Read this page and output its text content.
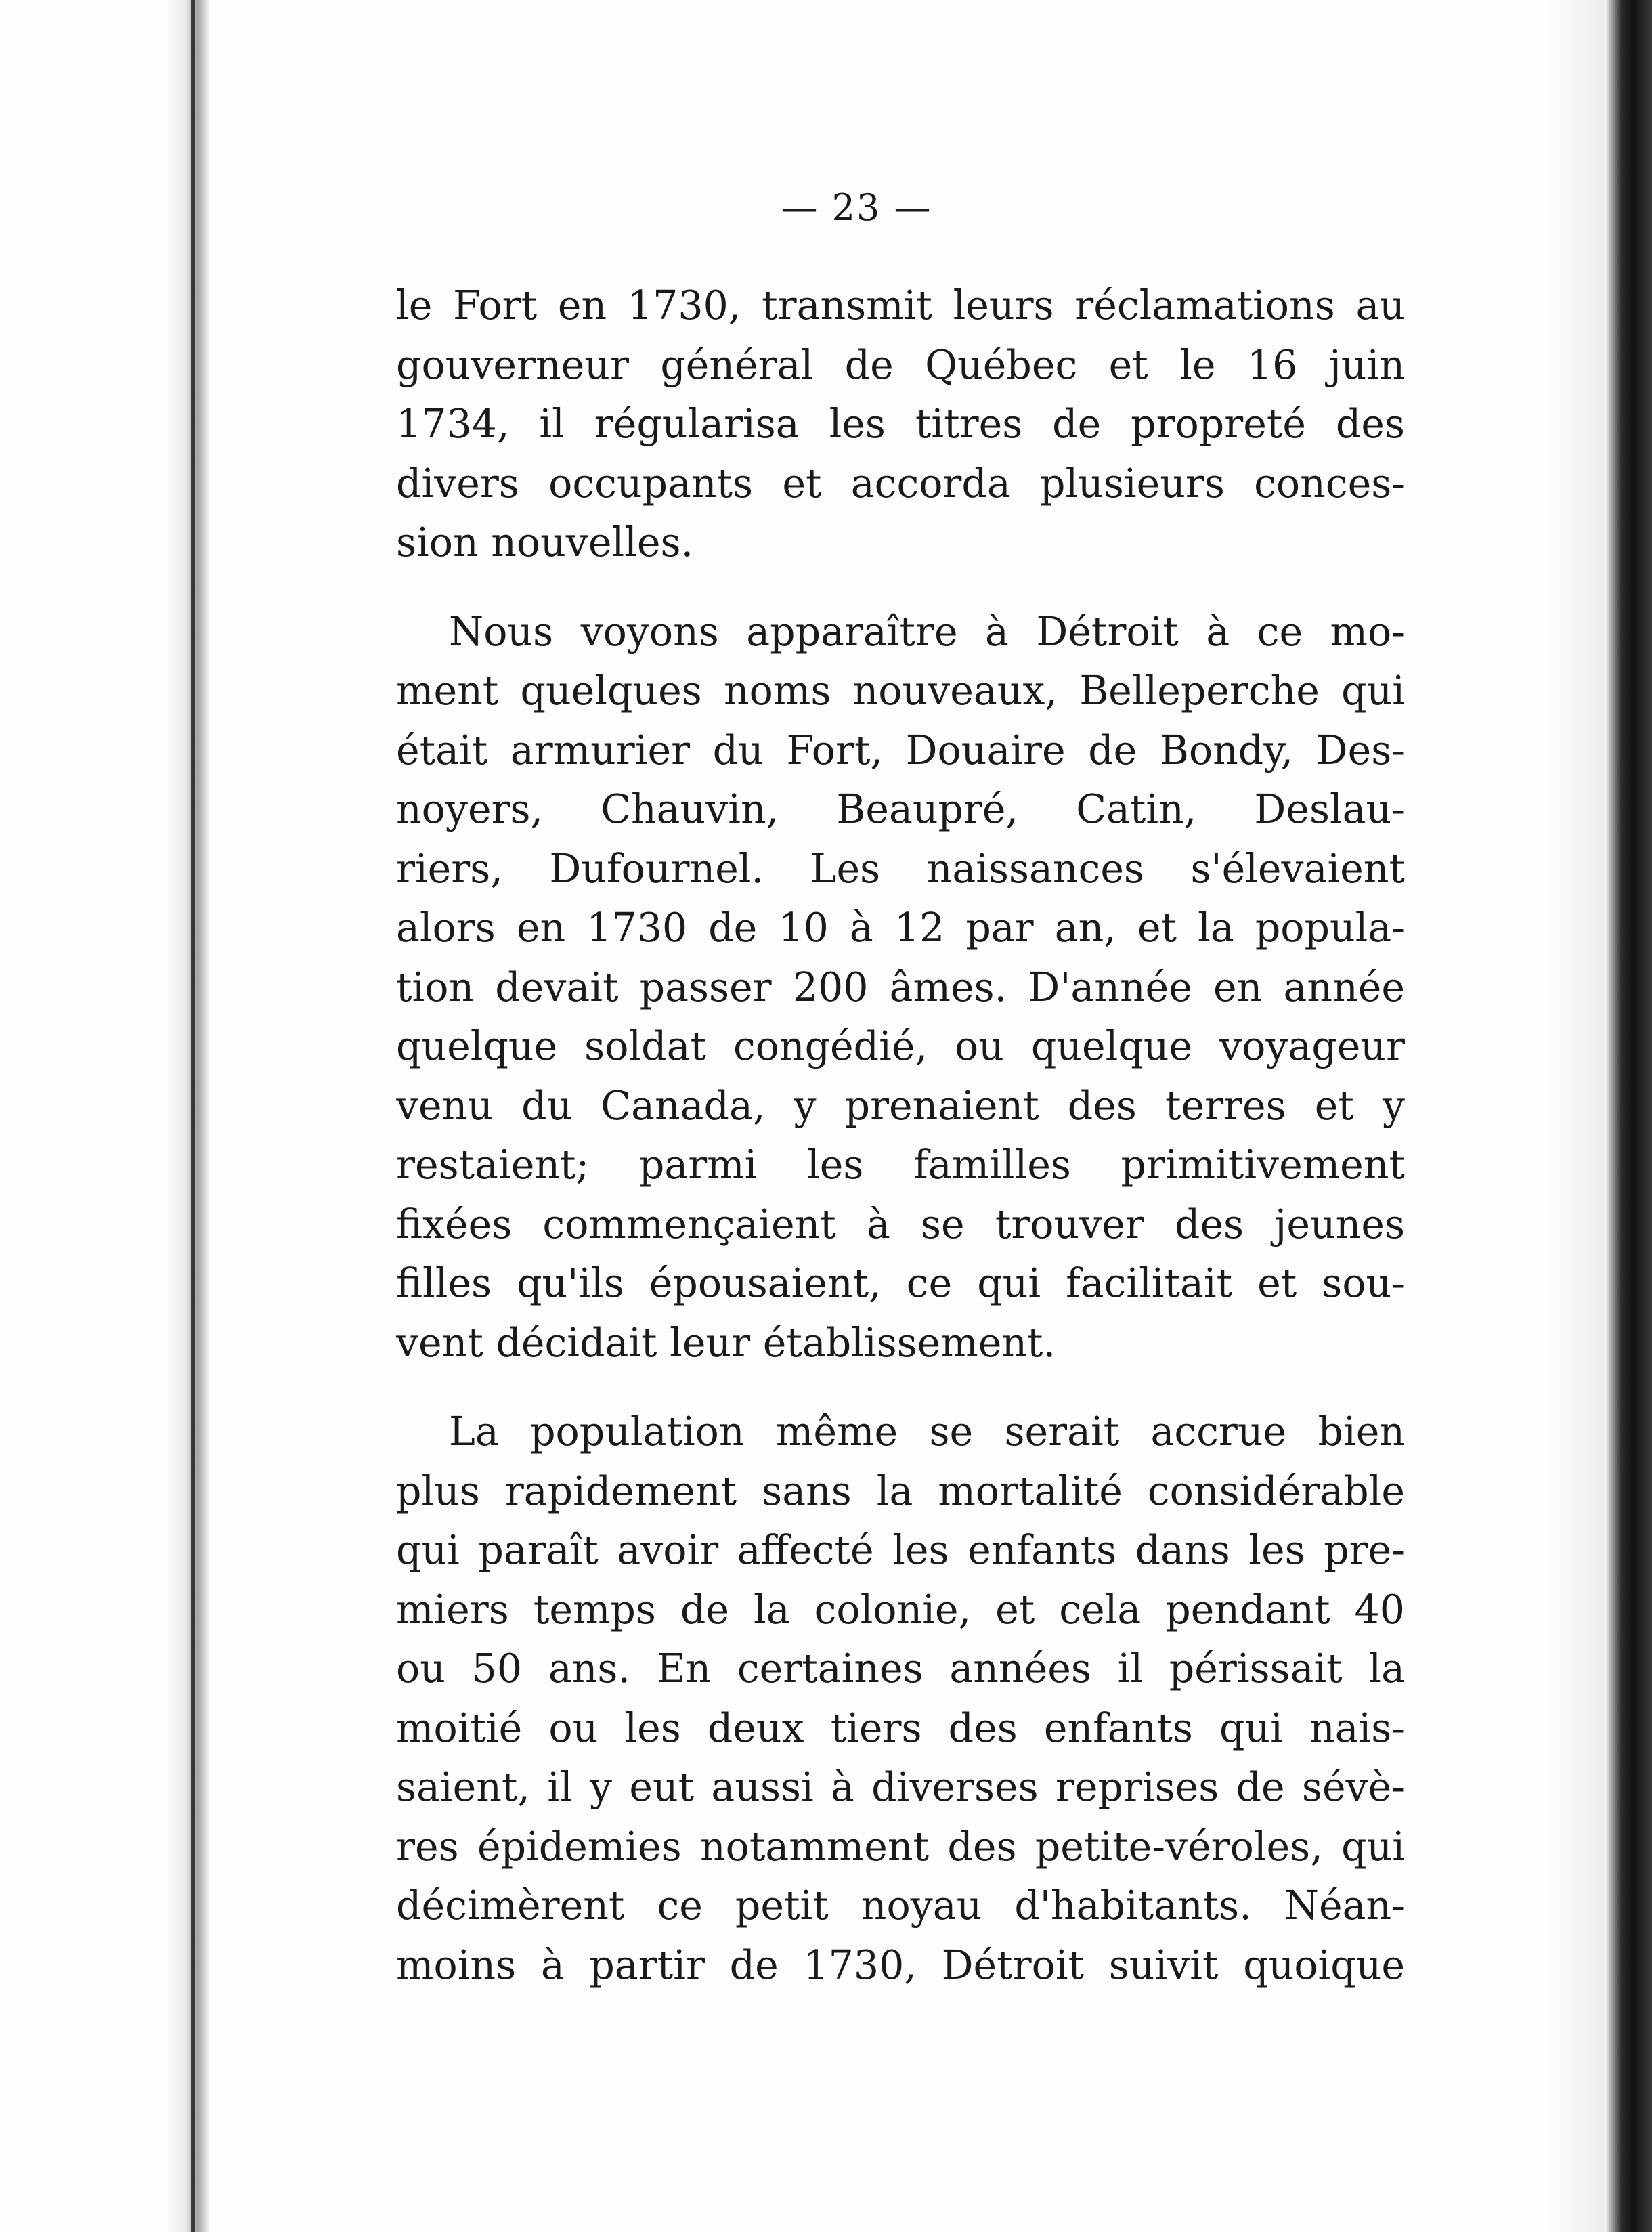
— 23 —
le Fort en 1730, transmit leurs réclamations au
gouverneur général de Québec et le 16 juin
1734, il régularisa les titres de propreté des
divers occupants et accorda plusieurs conces-
sion nouvelles.
Nous voyons apparaître à Détroit à ce mo-
ment quelques noms nouveaux, Belleperche qui
était armurier du Fort, Douaire de Bondy, Des-
noyers, Chauvin, Beaupré, Catin, Deslau-
riers, Dufournel. Les naissances s'élevaient
alors en 1730 de 10 à 12 par an, et la popula-
tion devait passer 200 âmes. D'année en année
quelque soldat congédié, ou quelque voyageur
venu du Canada, y prenaient des terres et y
restaient; parmi les familles primitivement
fixées commençaient à se trouver des jeunes
filles qu'ils épousaient, ce qui facilitait et sou-
vent décidait leur établissement.
La population même se serait accrue bien
plus rapidement sans la mortalité considérable
qui paraît avoir affecté les enfants dans les pre-
miers temps de la colonie, et cela pendant 40
ou 50 ans. En certaines années il périssait la
moitié ou les deux tiers des enfants qui nais-
saient, il y eut aussi à diverses reprises de sévè-
res épidemies notamment des petite-véroles, qui
décimèrent ce petit noyau d'habitants. Néan-
moins à partir de 1730, Détroit suivit quoique
